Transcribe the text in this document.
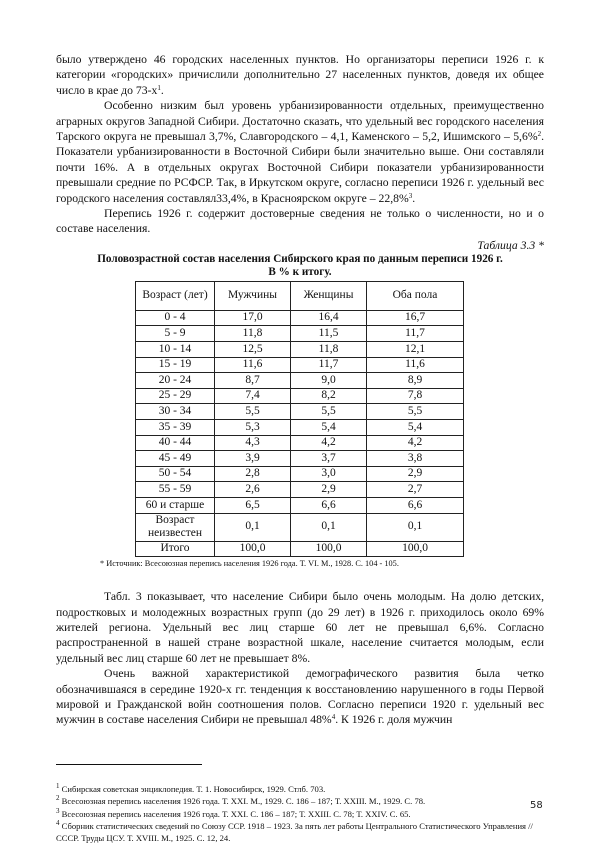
было утверждено 46 городских населенных пунктов. Но организаторы переписи 1926 г. к категории «городских» причислили дополнительно 27 населенных пунктов, доведя их общее число в крае до $73-х^1$.

Особенно низким был уровень урбанизированности отдельных, преимущественно аграрных округов Западной Сибири. Достаточно сказать, что удельный вес городского населения Тарского округа не превышал 3,7%, Славгородского – 4,1, Каменского – 5,2, Ишимского – 5,6%$^2$. Показатели урбанизированности в Восточной Сибири были значительно выше. Они составляли почти 16%. А в отдельных округах Восточной Сибири показатели урбанизированности превышали средние по РСФСР. Так, в Иркутском округе, согласно переписи 1926 г. удельный вес городского населения составлял33,4%, в Красноярском округе – 22,8%$^3$.

Перепись 1926 г. содержит достоверные сведения не только о численности, но и о составе населения.

Таблица 3.3 *
Половозрастной состав населения Сибирского края по данным переписи 1926 г.
В % к итогу.
Возраст (лет)	Мужчины	Женщины	Оба пола
0 - 4	17,0	16,4	16,7
5 - 9	11,8	11,5	11,7
10 - 14	12,5	11,8	12,1
15 - 19	11,6	11,7	11,6
20 - 24	8,7	9,0	8,9
25 - 29	7,4	8,2	7,8
30 - 34	5,5	5,5	5,5
35 - 39	5,3	5,4	5,4
40 - 44	4,3	4,2	4,2
45 - 49	3,9	3,7	3,8
50 - 54	2,8	3,0	2,9
55 - 59	2,6	2,9	2,7
60 и старше	6,5	6,6	6,6
Возраст неизвестен	0,1	0,1	0,1
Итого	100,0	100,0	100,0
* Источник: Всесоюзная перепись населения 1926 года. Т. VI. М., 1928. С. 104 - 105.

Табл. 3 показывает, что население Сибири было очень молодым. На долю детских, подростковых и молодежных возрастных групп (до 29 лет) в 1926 г. приходилось около 69% жителей региона. Удельный вес лиц старше 60 лет не превышал 6,6%. Согласно распространенной в нашей стране возрастной шкале, население считается молодым, если удельный вес лиц старше 60 лет не превышает 8%.

Очень важной характеристикой демографического развития была четко обозначившаяся в середине 1920-х гг. тенденция к восстановлению нарушенного в годы Первой мировой и Гражданской войн соотношения полов. Согласно переписи 1920 г. удельный вес мужчин в составе населения Сибири не превышал 48%$^4$. К 1926 г. доля мужчин

$^1$ Сибирская советская энциклопедия. Т. 1. Новосибирск, 1929. Стлб. 703.
$^2$ Всесоюзная перепись населения 1926 года. Т. XXI. М., 1929. С. 186 – 187; Т. XXIII. М., 1929. С. 78.
$^3$ Всесоюзная перепись населения 1926 года. Т. XXI. С. 186 – 187; Т. XXIII. С. 78; Т. XXIV. С. 65.
$^4$ Сборник статистических сведений по Союзу ССР. 1918 – 1923. За пять лет работы Центрального Статистического Управления // СССР. Труды ЦСУ. Т. XVIII. М., 1925. С. 12, 24.
58
